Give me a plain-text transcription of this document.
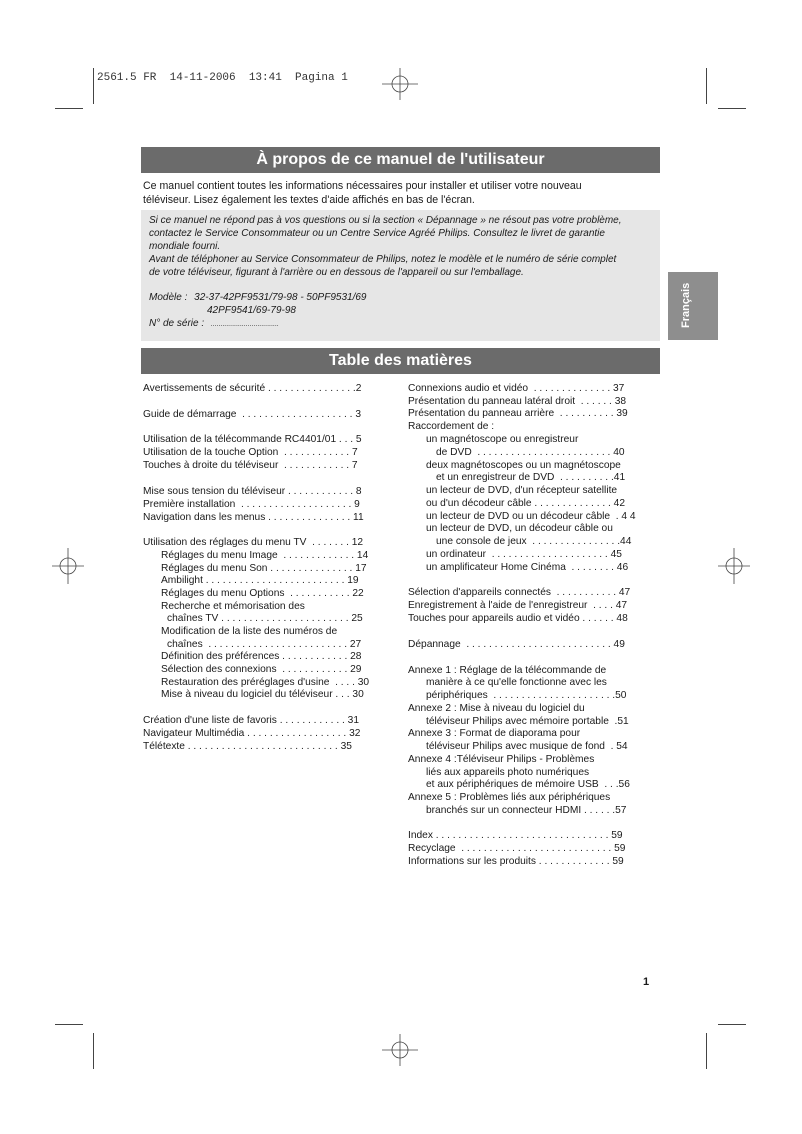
2561.5 FR  14-11-2006  13:41  Pagina 1
À propos de ce manuel de l'utilisateur
Ce manuel contient toutes les informations nécessaires pour installer et utiliser votre nouveau
téléviseur. Lisez également les textes d'aide affichés en bas de l'écran.
Si ce manuel ne répond pas à vos questions ou si la section « Dépannage » ne résout pas votre problème,
contactez le Service Consommateur ou un Centre Service Agréé Philips. Consultez le livret de garantie
mondiale fourni.
Avant de téléphoner au Service Consommateur de Philips, notez le modèle et le numéro de série complet
de votre téléviseur, figurant à l'arrière ou en dessous de l'appareil ou sur l'emballage.
Modèle : 32-37-42PF9531/79-98 - 50PF9531/69
42PF9541/69-79-98
N° de série : ...................................	Français
Table des matières
Avertissements de sécurité . . . . . . . . . . . . . . . .2
Guide de démarrage  . . . . . . . . . . . . . . . . . . . . 3
Utilisation de la télécommande RC4401/01 . . . 5
Utilisation de la touche Option  . . . . . . . . . . . . 7
Touches à droite du téléviseur  . . . . . . . . . . . . 7
Mise sous tension du téléviseur . . . . . . . . . . . . 8
Première installation  . . . . . . . . . . . . . . . . . . . . 9
Navigation dans les menus . . . . . . . . . . . . . . . 11
Utilisation des réglages du menu TV  . . . . . . . 12
Réglages du menu Image  . . . . . . . . . . . . . 14
Réglages du menu Son . . . . . . . . . . . . . . . 17
Ambilight . . . . . . . . . . . . . . . . . . . . . . . . . 19
Réglages du menu Options  . . . . . . . . . . . 22
Recherche et mémorisation des
chaînes TV . . . . . . . . . . . . . . . . . . . . . . . 25
Modification de la liste des numéros de
chaînes  . . . . . . . . . . . . . . . . . . . . . . . . . 27
Définition des préférences . . . . . . . . . . . . 28
Sélection des connexions  . . . . . . . . . . . . 29
Restauration des préréglages d'usine  . . . . 30
Mise à niveau du logiciel du téléviseur . . . 30
Création d'une liste de favoris . . . . . . . . . . . . 31
Navigateur Multimédia . . . . . . . . . . . . . . . . . . 32
Télétexte . . . . . . . . . . . . . . . . . . . . . . . . . . . 35
Connexions audio et vidéo  . . . . . . . . . . . . . . 37
Présentation du panneau latéral droit  . . . . . . 38
Présentation du panneau arrière  . . . . . . . . . . 39
Raccordement de :
un magnétoscope ou enregistreur
de DVD  . . . . . . . . . . . . . . . . . . . . . . . . 40
deux magnétoscopes ou un magnétoscope
et un enregistreur de DVD  . . . . . . . . . .41
un lecteur de DVD, d'un récepteur satellite
ou d'un décodeur câble . . . . . . . . . . . . . . 42
un lecteur de DVD ou un décodeur câble  . 4 4
un lecteur de DVD, un décodeur câble ou
une console de jeux  . . . . . . . . . . . . . . . .44
un ordinateur  . . . . . . . . . . . . . . . . . . . . . 45
un amplificateur Home Cinéma  . . . . . . . . 46
Sélection d'appareils connectés  . . . . . . . . . . . 47
Enregistrement à l'aide de l'enregistreur  . . . . 47
Touches pour appareils audio et vidéo . . . . . . 48
Dépannage  . . . . . . . . . . . . . . . . . . . . . . . . . . 49
Annexe 1 : Réglage de la télécommande de
manière à ce qu'elle fonctionne avec les
périphériques  . . . . . . . . . . . . . . . . . . . . . .50
Annexe 2 : Mise à niveau du logiciel du
téléviseur Philips avec mémoire portable  .51
Annexe 3 : Format de diaporama pour
téléviseur Philips avec musique de fond  . 54
Annexe 4 :Téléviseur Philips - Problèmes
liés aux appareils photo numériques
et aux périphériques de mémoire USB  . . .56
Annexe 5 : Problèmes liés aux périphériques
branchés sur un connecteur HDMI . . . . . .57
Index . . . . . . . . . . . . . . . . . . . . . . . . . . . . . . . 59
Recyclage  . . . . . . . . . . . . . . . . . . . . . . . . . . . 59
Informations sur les produits . . . . . . . . . . . . . 59
1
